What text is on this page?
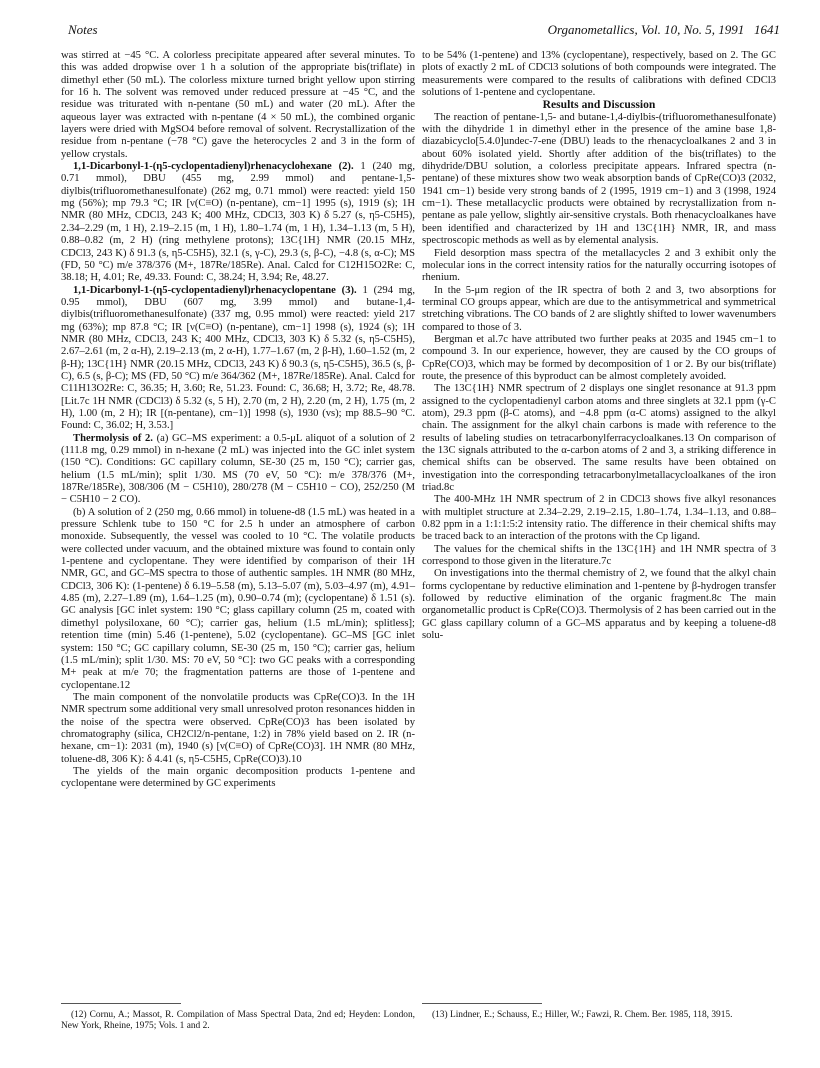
Notes	Organometallics, Vol. 10, No. 5, 1991 1641

was stirred at −45 °C. A colorless precipitate appeared after several minutes. To this was added dropwise over 1 h a solution of the appropriate bis(triflate) in dimethyl ether (50 mL). The colorless mixture turned bright yellow upon stirring for 16 h. The solvent was removed under reduced pressure at −45 °C, and the residue was triturated with n-pentane (50 mL) and water (20 mL). After the aqueous layer was extracted with n-pentane (4 × 50 mL), the combined organic layers were dried with MgSO4 before removal of solvent. Recrystallization of the residue from n-pentane (−78 °C) gave the heterocycles 2 and 3 in the form of yellow crystals.

1,1-Dicarbonyl-1-(η5-cyclopentadienyl)rhenacyclohexane (2). 1 (240 mg, 0.71 mmol), DBU (455 mg, 2.99 mmol) and pentane-1,5-diylbis(trifluoromethanesulfonate) (262 mg, 0.71 mmol) were reacted: yield 150 mg (56%); mp 79.3 °C; IR [ν(C≡O) (n-pentane), cm−1] 1995 (s), 1919 (s); 1H NMR (80 MHz, CDCl3, 243 K; 400 MHz, CDCl3, 303 K) δ 5.27 (s, η5-C5H5), 2.34–2.29 (m, 1 H), 2.19–2.15 (m, 1 H), 1.80–1.74 (m, 1 H), 1.34–1.13 (m, 5 H), 0.88–0.82 (m, 2 H) (ring methylene protons); 13C{1H} NMR (20.15 MHz, CDCl3, 243 K) δ 91.3 (s, η5-C5H5), 32.1 (s, γ-C), 29.3 (s, β-C), −4.8 (s, α-C); MS (FD, 50 °C) m/e 378/376 (M+, 187Re/185Re). Anal. Calcd for C12H15O2Re: C, 38.18; H, 4.01; Re, 49.33. Found: C, 38.24; H, 3.94; Re, 48.27.

1,1-Dicarbonyl-1-(η5-cyclopentadienyl)rhenacyclopentane (3). 1 (294 mg, 0.95 mmol), DBU (607 mg, 3.99 mmol) and butane-1,4-diylbis(trifluoromethanesulfonate) (337 mg, 0.95 mmol) were reacted: yield 217 mg (63%); mp 87.8 °C; IR [ν(C≡O) (n-pentane), cm−1] 1998 (s), 1924 (s); 1H NMR (80 MHz, CDCl3, 243 K; 400 MHz, CDCl3, 303 K) δ 5.32 (s, η5-C5H5), 2.67–2.61 (m, 2 α-H), 2.19–2.13 (m, 2 α-H), 1.77–1.67 (m, 2 β-H), 1.60–1.52 (m, 2 β-H); 13C{1H} NMR (20.15 MHz, CDCl3, 243 K) δ 90.3 (s, η5-C5H5), 36.5 (s, β-C), 6.5 (s, β-C); MS (FD, 50 °C) m/e 364/362 (M+, 187Re/185Re). Anal. Calcd for C11H13O2Re: C, 36.35; H, 3.60; Re, 51.23. Found: C, 36.68; H, 3.72; Re, 48.78. [Lit.7c 1H NMR (CDCl3) δ 5.32 (s, 5 H), 2.70 (m, 2 H), 2.20 (m, 2 H), 1.75 (m, 2 H), 1.00 (m, 2 H); IR [(n-pentane), cm−1)] 1998 (s), 1930 (vs); mp 88.5–90 °C. Found: C, 36.02; H, 3.53.]

Thermolysis of 2. (a) GC–MS experiment: a 0.5-μL aliquot of a solution of 2 (111.8 mg, 0.29 mmol) in n-hexane (2 mL) was injected into the GC inlet system (150 °C). Conditions: GC capillary column, SE-30 (25 m, 150 °C); carrier gas, helium (1.5 mL/min); split 1/30. MS (70 eV, 50 °C): m/e 378/376 (M+, 187Re/185Re), 308/306 (M − C5H10), 280/278 (M − C5H10 − CO), 252/250 (M − C5H10 − 2 CO).

(b) A solution of 2 (250 mg, 0.66 mmol) in toluene-d8 (1.5 mL) was heated in a pressure Schlenk tube to 150 °C for 2.5 h under an atmosphere of carbon monoxide. Subsequently, the vessel was cooled to 10 °C. The volatile products were collected under vacuum, and the obtained mixture was found to contain only 1-pentene and cyclopentane. They were identified by comparison of their 1H NMR, GC, and GC–MS spectra to those of authentic samples. 1H NMR (80 MHz, CDCl3, 306 K): (1-pentene) δ 6.19–5.58 (m), 5.13–5.07 (m), 5.03–4.97 (m), 4.91–4.85 (m), 2.27–1.89 (m), 1.64–1.25 (m), 0.90–0.74 (m); (cyclopentane) δ 1.51 (s). GC analysis [GC inlet system: 190 °C; glass capillary column (25 m, coated with dimethyl polysiloxane, 60 °C); carrier gas, helium (1.5 mL/min); splitless]; retention time (min) 5.46 (1-pentene), 5.02 (cyclopentane). GC–MS [GC inlet system: 150 °C; GC capillary column, SE-30 (25 m, 150 °C); carrier gas, helium (1.5 mL/min); split 1/30. MS: 70 eV, 50 °C]: two GC peaks with a corresponding M+ peak at m/e 70; the fragmentation patterns are those of 1-pentene and cyclopentane.12

The main component of the nonvolatile products was CpRe(CO)3. In the 1H NMR spectrum some additional very small unresolved proton resonances hidden in the noise of the spectra were observed. CpRe(CO)3 has been isolated by chromatography (silica, CH2Cl2/n-pentane, 1:2) in 78% yield based on 2. IR (n-hexane, cm−1): 2031 (m), 1940 (s) [ν(C≡O) of CpRe(CO)3]. 1H NMR (80 MHz, toluene-d8, 306 K): δ 4.41 (s, η5-C5H5, CpRe(CO)3).10

The yields of the main organic decomposition products 1-pentene and cyclopentane were determined by GC experiments

to be 54% (1-pentene) and 13% (cyclopentane), respectively, based on 2. The GC plots of exactly 2 mL of CDCl3 solutions of both compounds were integrated. The measurements were compared to the results of calibrations with defined CDCl3 solutions of 1-pentene and cyclopentane.

Results and Discussion

The reaction of pentane-1,5- and butane-1,4-diylbis-(trifluoromethanesulfonate) with the dihydride 1 in dimethyl ether in the presence of the amine base 1,8-diazabicyclo[5.4.0]undec-7-ene (DBU) leads to the rhenacycloalkanes 2 and 3 in about 60% isolated yield. Shortly after addition of the bis(triflates) to the dihydride/DBU solution, a colorless precipitate appears. Infrared spectra (n-pentane) of these mixtures show two weak absorption bands of CpRe(CO)3 (2032, 1941 cm−1) beside very strong bands of 2 (1995, 1919 cm−1) and 3 (1998, 1924 cm−1). These metallacyclic products were obtained by recrystallization from n-pentane as pale yellow, slightly air-sensitive crystals. Both rhenacycloalkanes have been identified and characterized by 1H and 13C{1H} NMR, IR, and mass spectroscopic methods as well as by elemental analysis.

Field desorption mass spectra of the metallacycles 2 and 3 exhibit only the molecular ions in the correct intensity ratios for the naturally occurring isotopes of rhenium.

In the 5-μm region of the IR spectra of both 2 and 3, two absorptions for terminal CO groups appear, which are due to the antisymmetrical and symmetrical stretching vibrations. The CO bands of 2 are slightly shifted to lower wavenumbers compared to those of 3.

Bergman et al.7c have attributed two further peaks at 2035 and 1945 cm−1 to compound 3. In our experience, however, they are caused by the CO groups of CpRe(CO)3, which may be formed by decomposition of 1 or 2. By our bis(triflate) route, the presence of this byproduct can be almost completely avoided.

The 13C{1H} NMR spectrum of 2 displays one singlet resonance at 91.3 ppm assigned to the cyclopentadienyl carbon atoms and three singlets at 32.1 ppm (γ-C atom), 29.3 ppm (β-C atoms), and −4.8 ppm (α-C atoms) assigned to the alkyl chain. The assignment for the alkyl chain carbons is made with reference to the results of labeling studies on tetracarbonylferracycloalkanes.13 On comparison of the 13C signals attributed to the α-carbon atoms of 2 and 3, a striking difference in chemical shifts can be observed. The same results have been obtained on investigation into the corresponding tetracarbonylmetallacycloalkanes of the iron triad.8c

The 400-MHz 1H NMR spectrum of 2 in CDCl3 shows five alkyl resonances with multiplet structure at 2.34–2.29, 2.19–2.15, 1.80–1.74, 1.34–1.13, and 0.88–0.82 ppm in a 1:1:1:5:2 intensity ratio. The difference in their chemical shifts may be traced back to an interaction of the protons with the Cp ligand.

The values for the chemical shifts in the 13C{1H} and 1H NMR spectra of 3 correspond to those given in the literature.7c

On investigations into the thermal chemistry of 2, we found that the alkyl chain forms cyclopentane by reductive elimination and 1-pentene by β-hydrogen transfer followed by reductive elimination of the organic fragment.8c The main organometallic product is CpRe(CO)3. Thermolysis of 2 has been carried out in the GC glass capillary column of a GC–MS apparatus and by keeping a toluene-d8 solu-

(12) Cornu, A.; Massot, R. Compilation of Mass Spectral Data, 2nd ed; Heyden: London, New York, Rheine, 1975; Vols. 1 and 2.

(13) Lindner, E.; Schauss, E.; Hiller, W.; Fawzi, R. Chem. Ber. 1985, 118, 3915.
